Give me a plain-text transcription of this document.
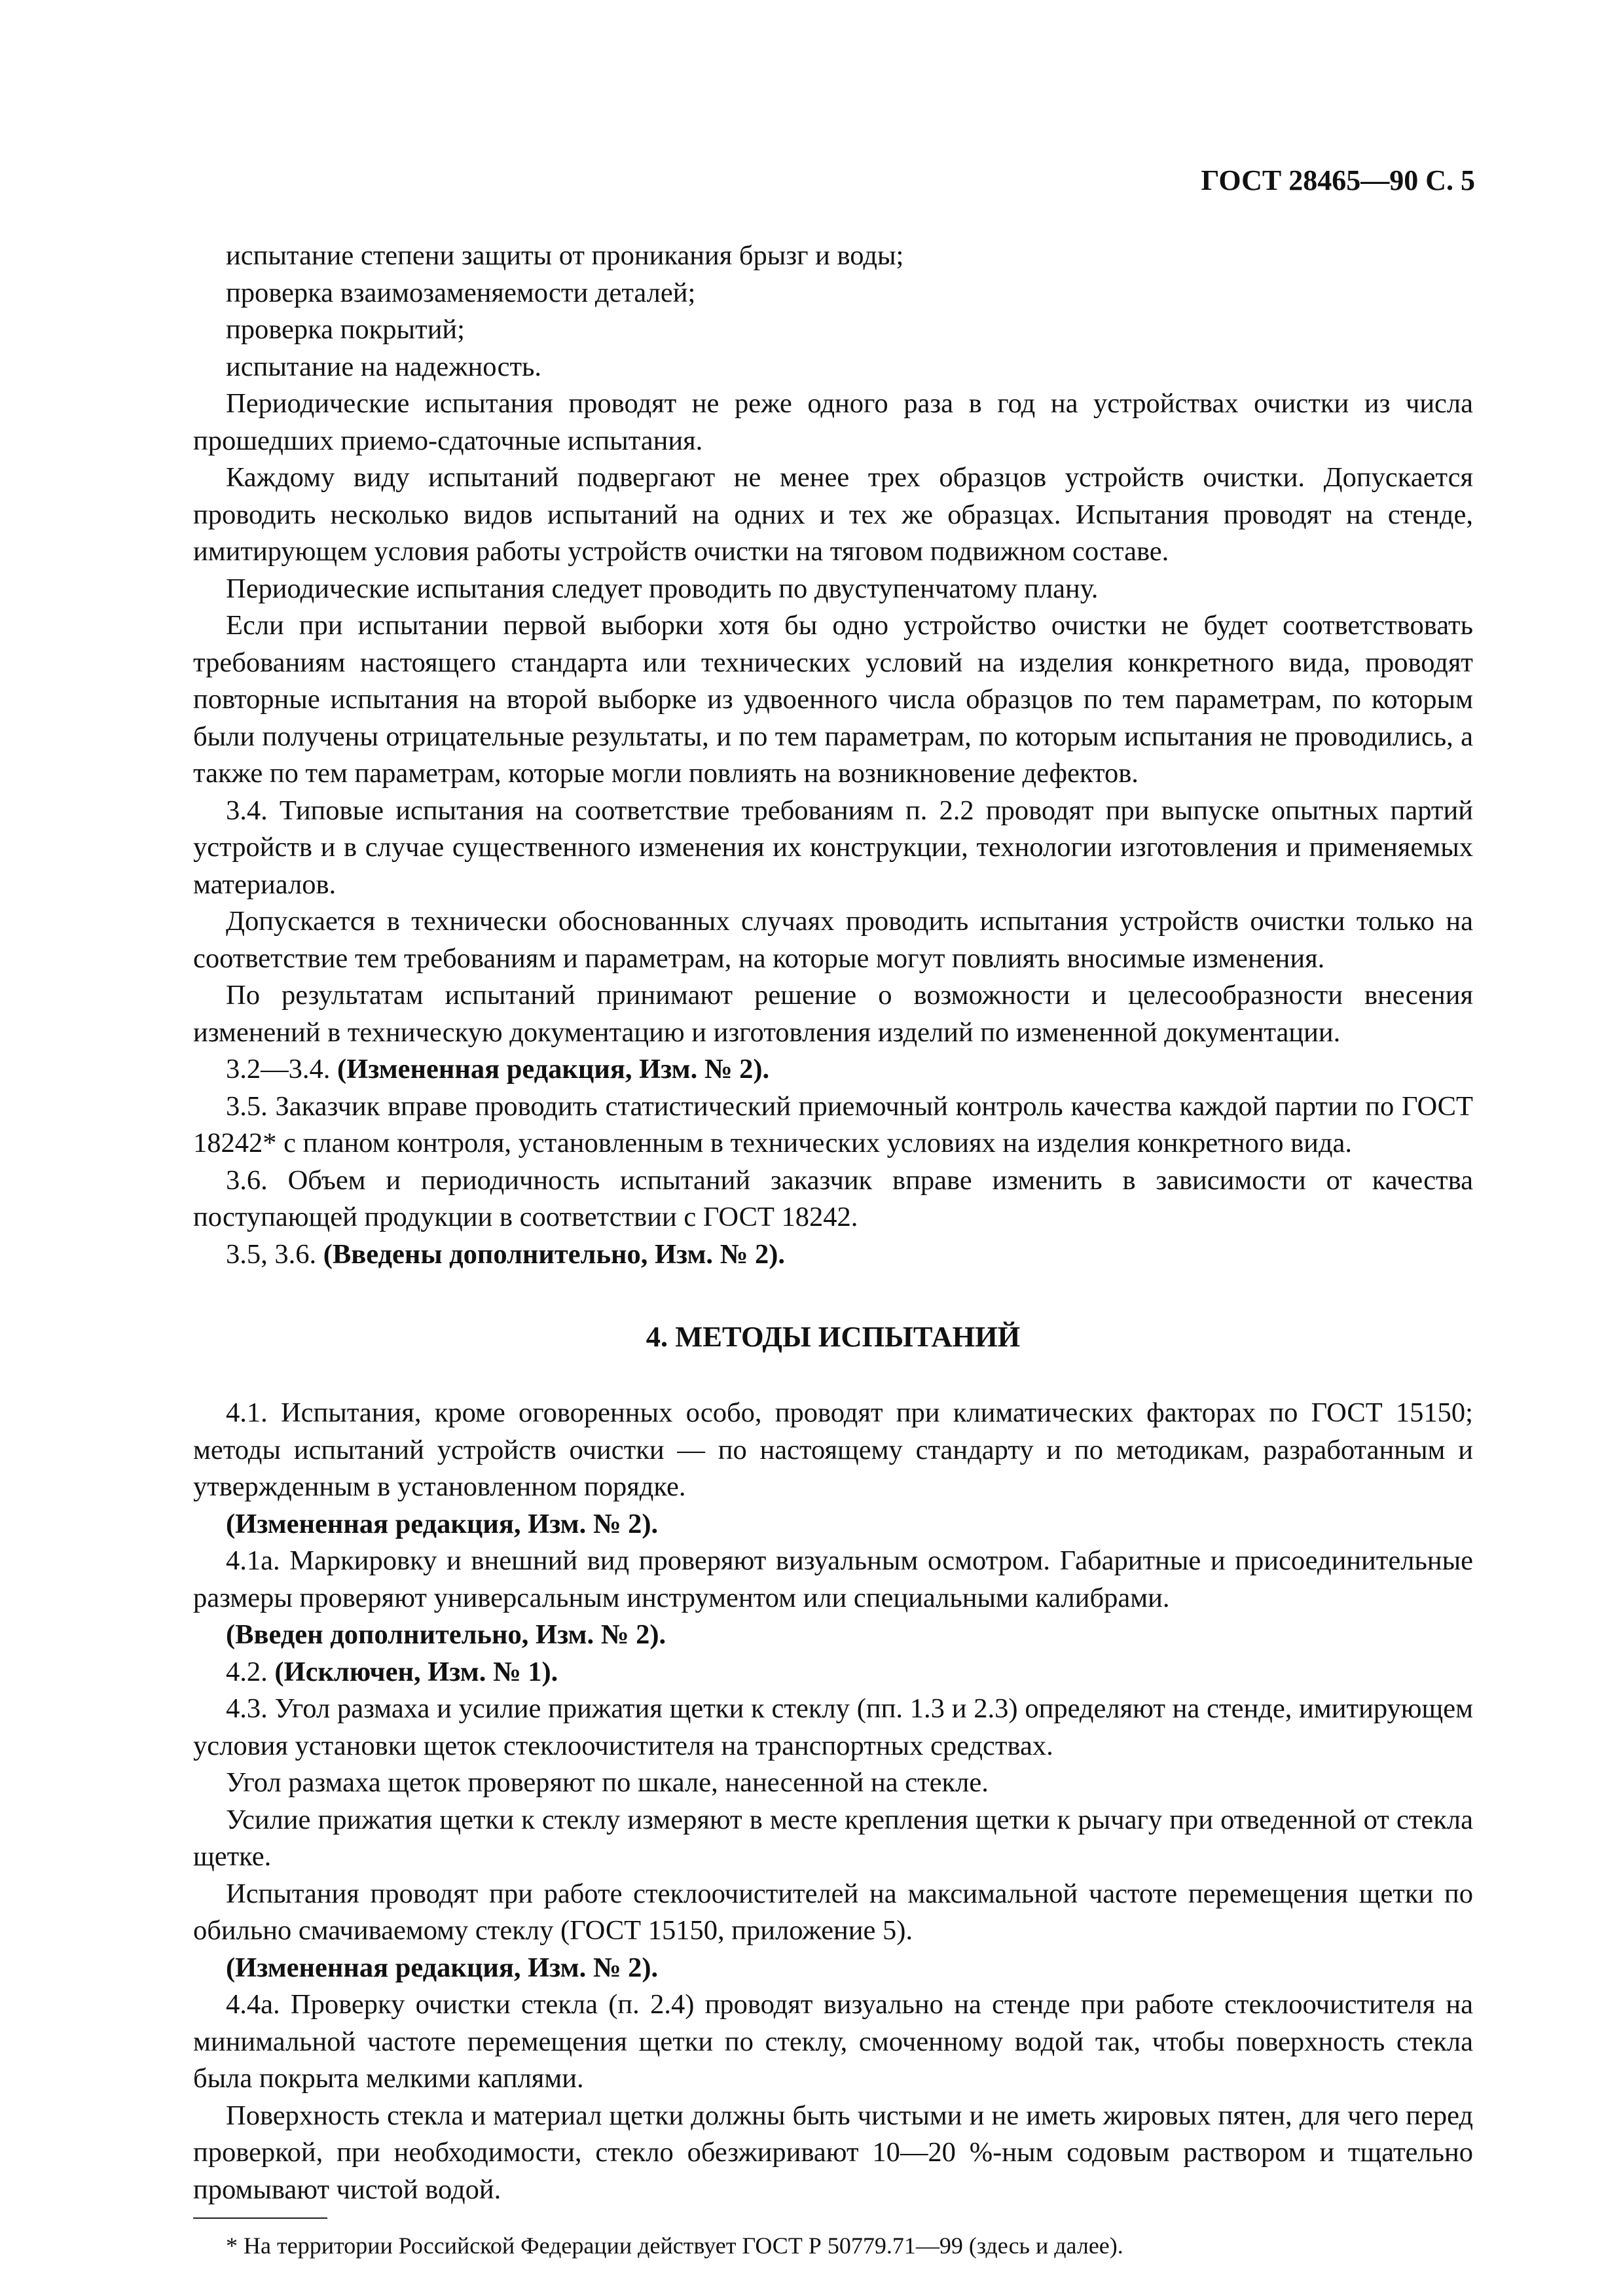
ГОСТ 28465—90 С. 5

испытание степени защиты от проникания брызг и воды;

проверка взаимозаменяемости деталей;

проверка покрытий;

испытание на надежность.

Периодические испытания проводят не реже одного раза в год на устройствах очистки из числа прошедших приемо-сдаточные испытания.

Каждому виду испытаний подвергают не менее трех образцов устройств очистки. Допускается проводить несколько видов испытаний на одних и тех же образцах. Испытания проводят на стенде, имитирующем условия работы устройств очистки на тяговом подвижном составе.

Периодические испытания следует проводить по двуступенчатому плану.

Если при испытании первой выборки хотя бы одно устройство очистки не будет соответствовать требованиям настоящего стандарта или технических условий на изделия конкретного вида, проводят повторные испытания на второй выборке из удвоенного числа образцов по тем параметрам, по которым были получены отрицательные результаты, и по тем параметрам, по которым испытания не проводились, а также по тем параметрам, которые могли повлиять на возникновение дефектов.

3.4. Типовые испытания на соответствие требованиям п. 2.2 проводят при выпуске опытных партий устройств и в случае существенного изменения их конструкции, технологии изготовления и применяемых материалов.

Допускается в технически обоснованных случаях проводить испытания устройств очистки только на соответствие тем требованиям и параметрам, на которые могут повлиять вносимые изменения.

По результатам испытаний принимают решение о возможности и целесообразности внесения изменений в техническую документацию и изготовления изделий по измененной документации.

3.2—3.4. (Измененная редакция, Изм. № 2).

3.5. Заказчик вправе проводить статистический приемочный контроль качества каждой партии по ГОСТ 18242* с планом контроля, установленным в технических условиях на изделия конкретного вида.

3.6. Объем и периодичность испытаний заказчик вправе изменить в зависимости от качества поступающей продукции в соответствии с ГОСТ 18242.

3.5, 3.6. (Введены дополнительно, Изм. № 2).

4. МЕТОДЫ ИСПЫТАНИЙ

4.1. Испытания, кроме оговоренных особо, проводят при климатических факторах по ГОСТ 15150; методы испытаний устройств очистки — по настоящему стандарту и по методикам, разработанным и утвержденным в установленном порядке.

(Измененная редакция, Изм. № 2).

4.1а. Маркировку и внешний вид проверяют визуальным осмотром. Габаритные и присоединительные размеры проверяют универсальным инструментом или специальными калибрами.

(Введен дополнительно, Изм. № 2).

4.2. (Исключен, Изм. № 1).

4.3. Угол размаха и усилие прижатия щетки к стеклу (пп. 1.3 и 2.3) определяют на стенде, имитирующем условия установки щеток стеклоочистителя на транспортных средствах.

Угол размаха щеток проверяют по шкале, нанесенной на стекле.

Усилие прижатия щетки к стеклу измеряют в месте крепления щетки к рычагу при отведенной от стекла щетке.

Испытания проводят при работе стеклоочистителей на максимальной частоте перемещения щетки по обильно смачиваемому стеклу (ГОСТ 15150, приложение 5).

(Измененная редакция, Изм. № 2).

4.4а. Проверку очистки стекла (п. 2.4) проводят визуально на стенде при работе стеклоочистителя на минимальной частоте перемещения щетки по стеклу, смоченному водой так, чтобы поверхность стекла была покрыта мелкими каплями.

Поверхность стекла и материал щетки должны быть чистыми и не иметь жировых пятен, для чего перед проверкой, при необходимости, стекло обезжиривают 10—20 %-ным содовым раствором и тщательно промывают чистой водой.

* На территории Российской Федерации действует ГОСТ Р 50779.71—99 (здесь и далее).
